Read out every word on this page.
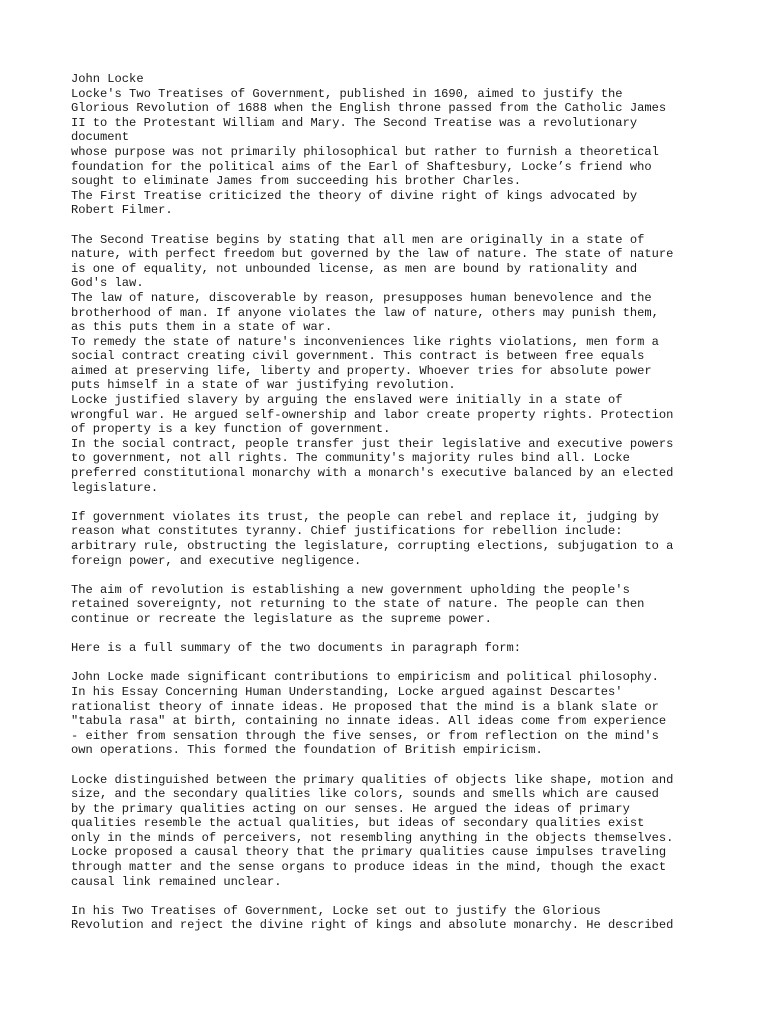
John Locke
Locke's Two Treatises of Government, published in 1690, aimed to justify the
Glorious Revolution of 1688 when the English throne passed from the Catholic James
II to the Protestant William and Mary. The Second Treatise was a revolutionary
document
whose purpose was not primarily philosophical but rather to furnish a theoretical
foundation for the political aims of the Earl of Shaftesbury, Locke’s friend who
sought to eliminate James from succeeding his brother Charles.
The First Treatise criticized the theory of divine right of kings advocated by
Robert Filmer.
The Second Treatise begins by stating that all men are originally in a state of
nature, with perfect freedom but governed by the law of nature. The state of nature
is one of equality, not unbounded license, as men are bound by rationality and
God's law.
The law of nature, discoverable by reason, presupposes human benevolence and the
brotherhood of man. If anyone violates the law of nature, others may punish them,
as this puts them in a state of war.
To remedy the state of nature's inconveniences like rights violations, men form a
social contract creating civil government. This contract is between free equals
aimed at preserving life, liberty and property. Whoever tries for absolute power
puts himself in a state of war justifying revolution.
Locke justified slavery by arguing the enslaved were initially in a state of
wrongful war. He argued self-ownership and labor create property rights. Protection
of property is a key function of government.
In the social contract, people transfer just their legislative and executive powers
to government, not all rights. The community's majority rules bind all. Locke
preferred constitutional monarchy with a monarch's executive balanced by an elected
legislature.
If government violates its trust, the people can rebel and replace it, judging by
reason what constitutes tyranny. Chief justifications for rebellion include:
arbitrary rule, obstructing the legislature, corrupting elections, subjugation to a
foreign power, and executive negligence.
The aim of revolution is establishing a new government upholding the people's
retained sovereignty, not returning to the state of nature. The people can then
continue or recreate the legislature as the supreme power.
Here is a full summary of the two documents in paragraph form:
John Locke made significant contributions to empiricism and political philosophy.
In his Essay Concerning Human Understanding, Locke argued against Descartes'
rationalist theory of innate ideas. He proposed that the mind is a blank slate or
"tabula rasa" at birth, containing no innate ideas. All ideas come from experience
- either from sensation through the five senses, or from reflection on the mind's
own operations. This formed the foundation of British empiricism.
Locke distinguished between the primary qualities of objects like shape, motion and
size, and the secondary qualities like colors, sounds and smells which are caused
by the primary qualities acting on our senses. He argued the ideas of primary
qualities resemble the actual qualities, but ideas of secondary qualities exist
only in the minds of perceivers, not resembling anything in the objects themselves.
Locke proposed a causal theory that the primary qualities cause impulses traveling
through matter and the sense organs to produce ideas in the mind, though the exact
causal link remained unclear.
In his Two Treatises of Government, Locke set out to justify the Glorious
Revolution and reject the divine right of kings and absolute monarchy. He described
